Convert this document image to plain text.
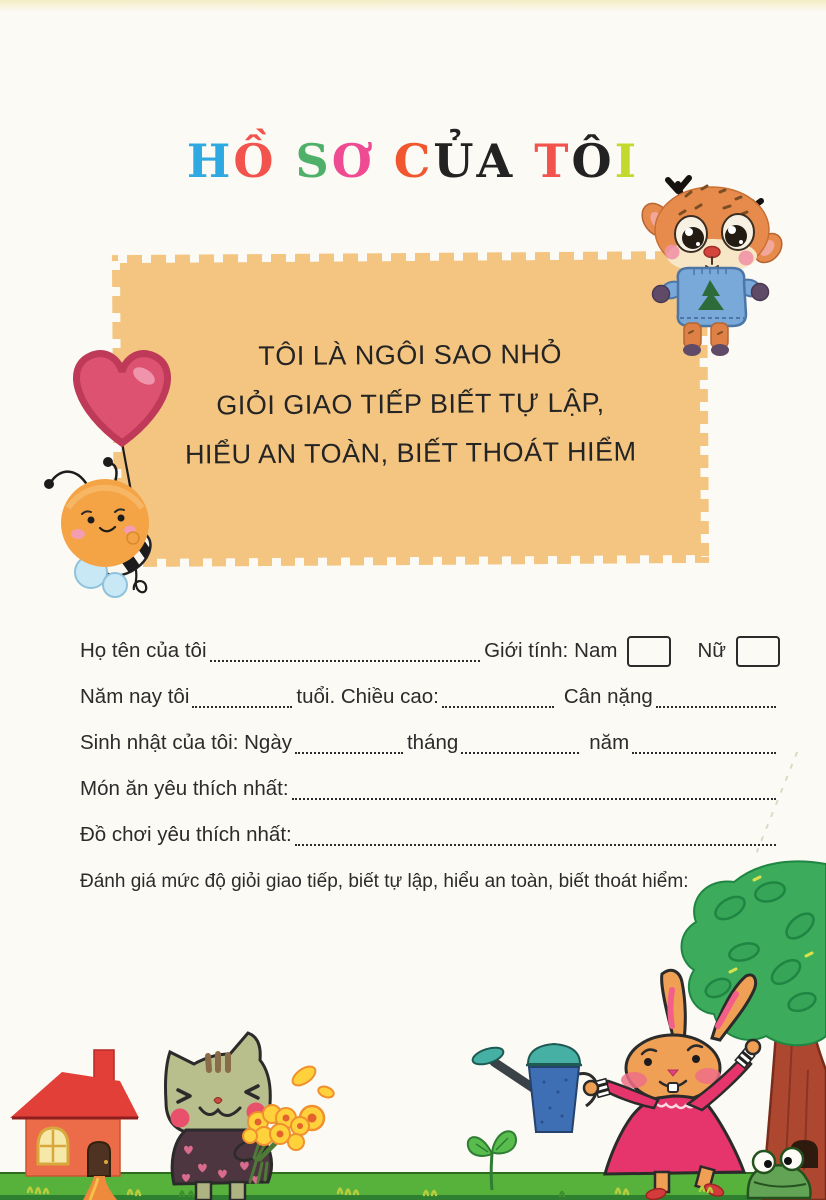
HỒ SƠ CỦA TÔI
TÔI LÀ NGÔI SAO NHỎ
GIỎI GIAO TIẾP BIẾT TỰ LẬP,
HIỂU AN TOÀN, BIẾT THOÁT HIỂM
Họ tên của tôi	Giới tính: Nam	Nữ
Năm nay tôi	tuổi. Chiều cao:	Cân nặng
Sinh nhật của tôi: Ngày	tháng	năm
Món ăn yêu thích nhất:
Đồ chơi yêu thích nhất:
Đánh giá mức độ giỏi giao tiếp, biết tự lập, hiểu an toàn, biết thoát hiểm:
